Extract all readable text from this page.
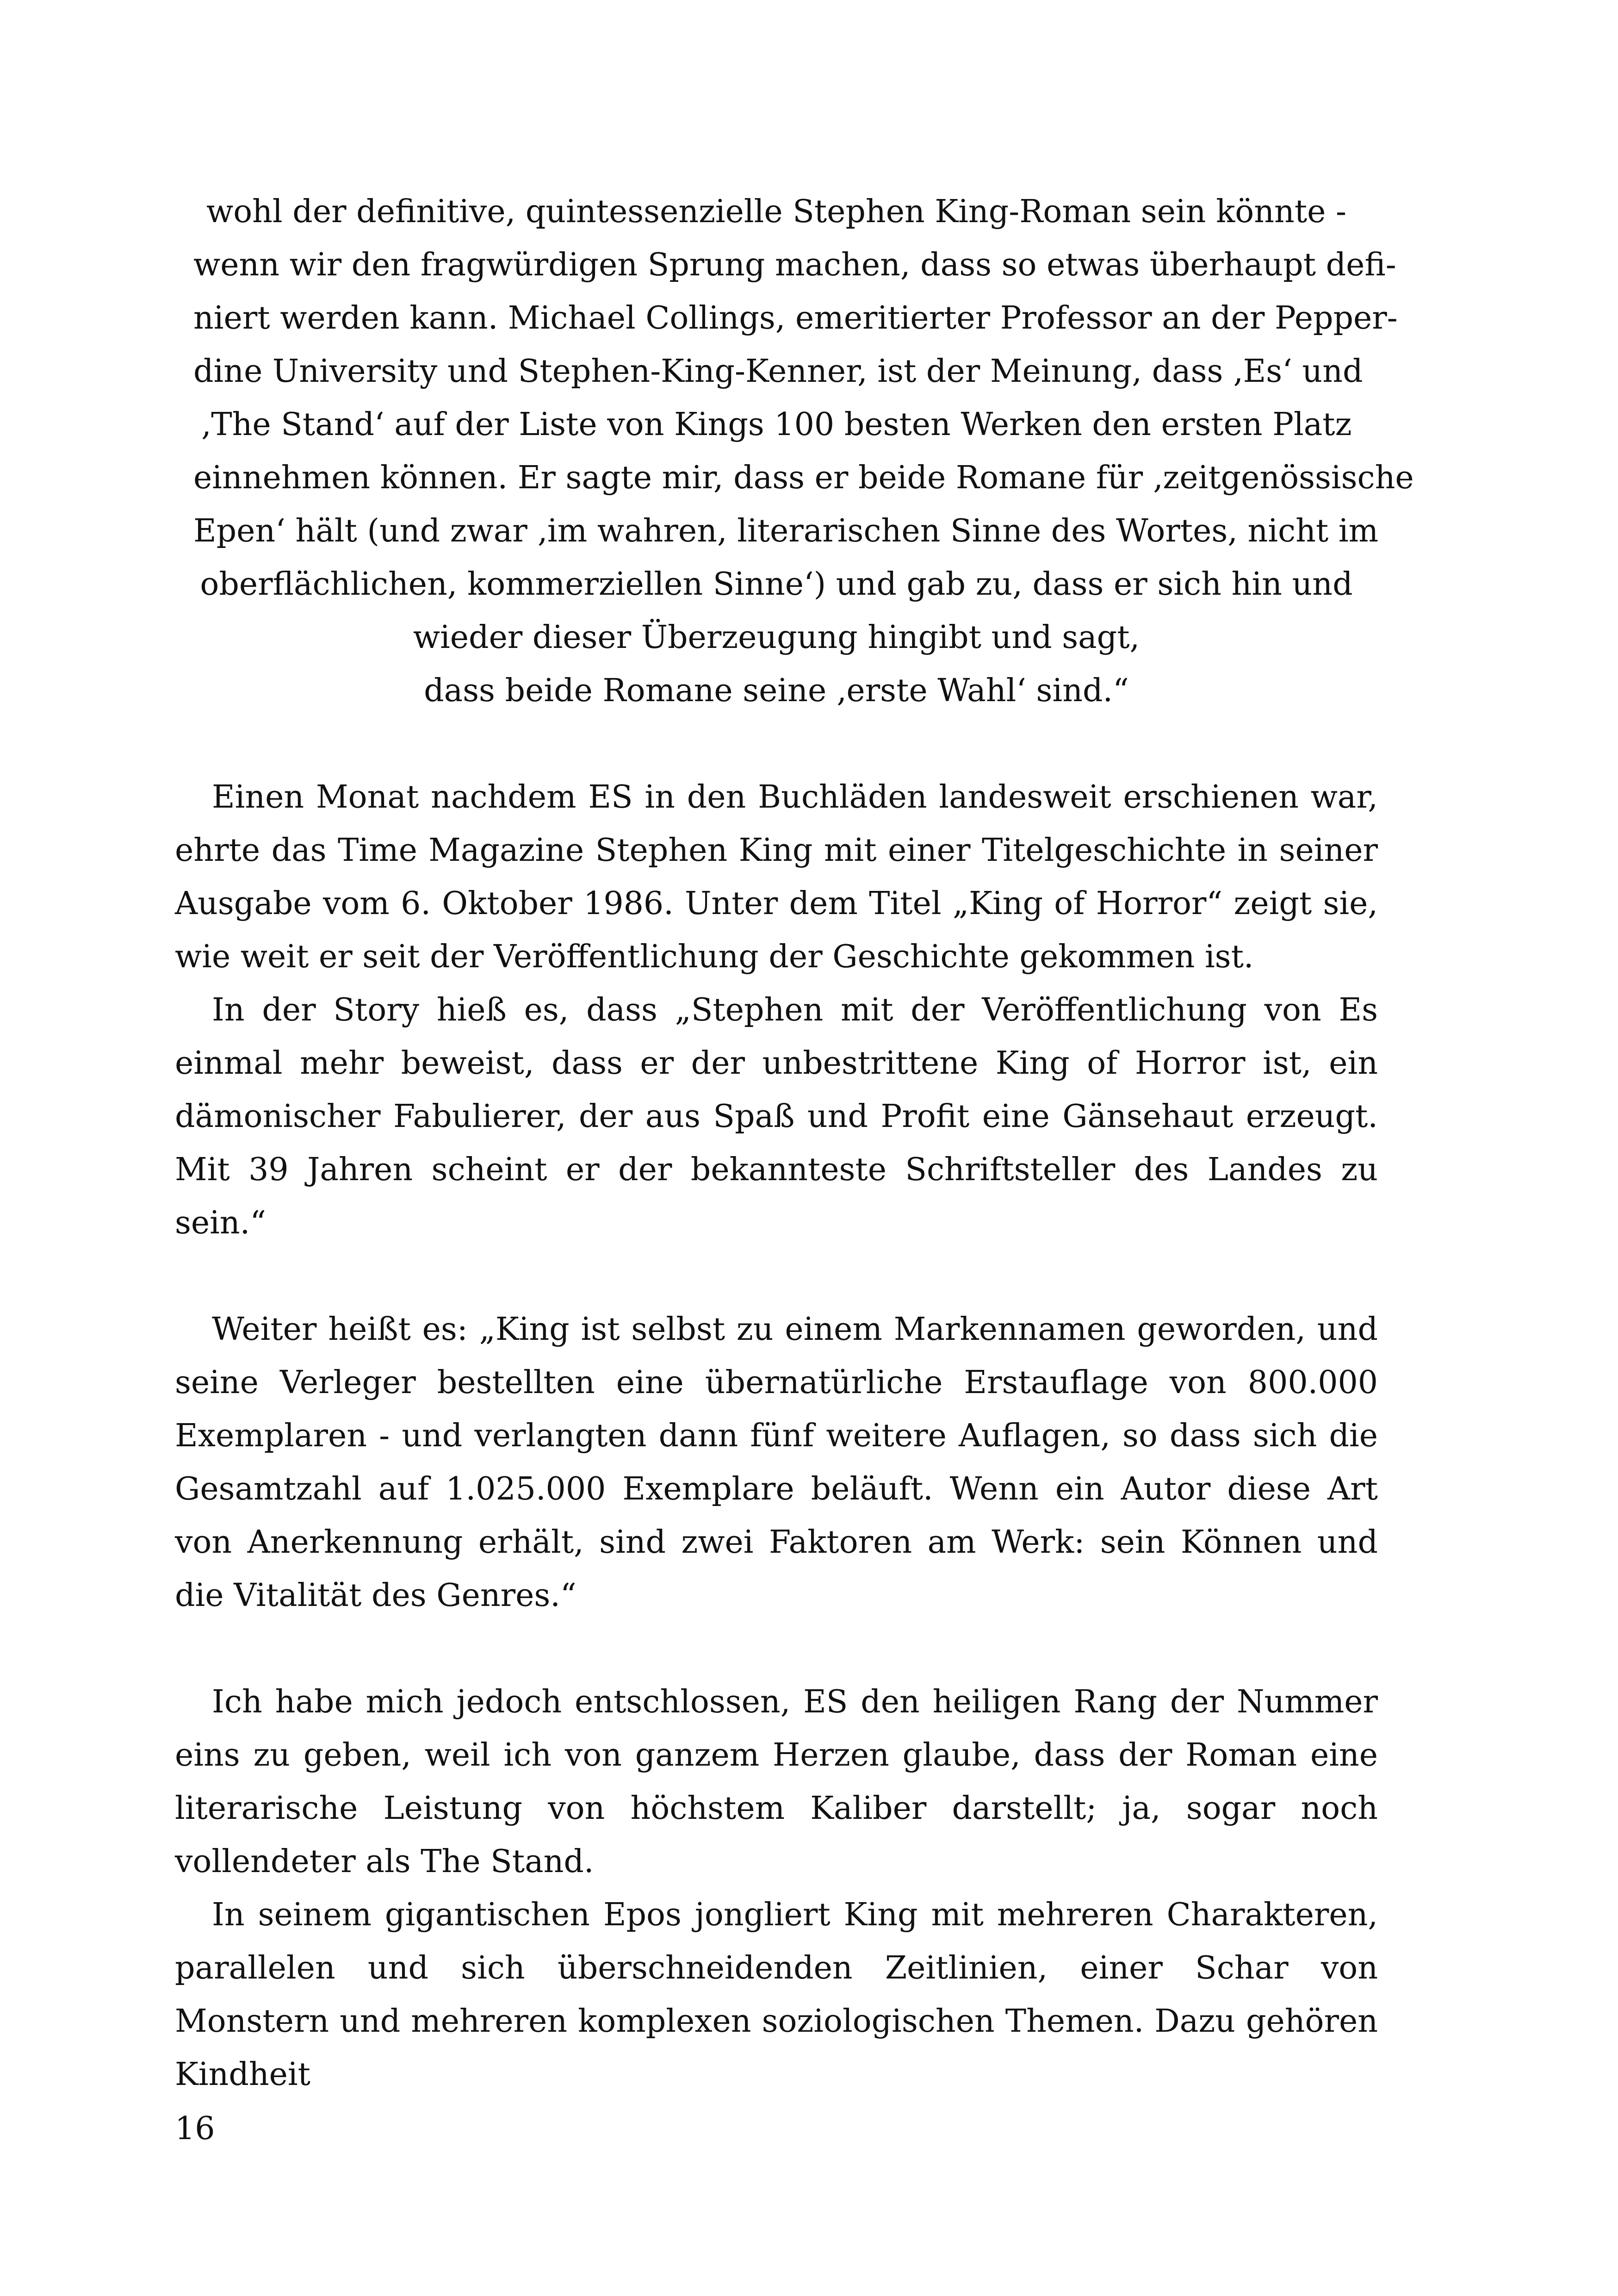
wohl der definitive, quintessenzielle Stephen King-Roman sein könnte -
wenn wir den fragwürdigen Sprung machen, dass so etwas überhaupt defi-
niert werden kann. Michael Collings, emeritierter Professor an der Pepper-
dine University und Stephen-King-Kenner, ist der Meinung, dass ‚Es‘ und
‚The Stand‘ auf der Liste von Kings 100 besten Werken den ersten Platz
einnehmen können. Er sagte mir, dass er beide Romane für ‚zeitgenössische
Epen‘ hält (und zwar ‚im wahren, literarischen Sinne des Wortes, nicht im
oberflächlichen, kommerziellen Sinne‘) und gab zu, dass er sich hin und
wieder dieser Überzeugung hingibt und sagt,
dass beide Romane seine ‚erste Wahl‘ sind.“

Einen Monat nachdem ES in den Buchläden landesweit erschienen war, ehrte das Time Magazine Stephen King mit einer Titelgeschichte in seiner Ausgabe vom 6. Oktober 1986. Unter dem Titel „King of Horror“ zeigt sie, wie weit er seit der Veröffentlichung der Geschichte gekommen ist.

In der Story hieß es, dass „Stephen mit der Veröffentlichung von Es einmal mehr beweist, dass er der unbestrittene King of Horror ist, ein dämonischer Fabulierer, der aus Spaß und Profit eine Gänsehaut erzeugt. Mit 39 Jahren scheint er der bekannteste Schriftsteller des Landes zu sein.“

Weiter heißt es: „King ist selbst zu einem Markennamen geworden, und seine Verleger bestellten eine übernatürliche Erstauflage von 800.000 Exemplaren - und verlangten dann fünf weitere Auflagen, so dass sich die Gesamtzahl auf 1.025.000 Exemplare beläuft. Wenn ein Autor diese Art von Anerkennung erhält, sind zwei Faktoren am Werk: sein Können und die Vitalität des Genres.“

Ich habe mich jedoch entschlossen, ES den heiligen Rang der Nummer eins zu geben, weil ich von ganzem Herzen glaube, dass der Roman eine literarische Leistung von höchstem Kaliber darstellt; ja, sogar noch vollendeter als The Stand.

In seinem gigantischen Epos jongliert King mit mehreren Charakteren, parallelen und sich überschneidenden Zeitlinien, einer Schar von Monstern und mehreren komplexen soziologischen Themen. Dazu gehören Kindheit

16
